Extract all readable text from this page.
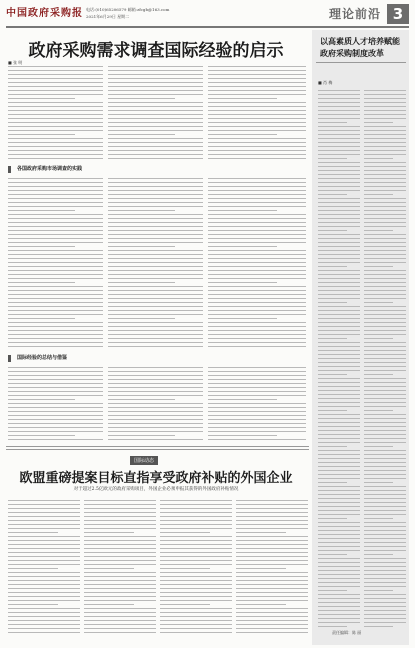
中国政府采购报 电话:(010)65206579 邮箱:zfcgb@163.com
2021年6月29日 星期二	理论前沿 3
政府采购需求调查国际经验的启示
■ 张 明
各国政府采购市场调查的实践
国际经验的总结与借鉴
国际动态
欧盟重磅提案目标直指享受政府补贴的外国企业
对于超过2.5亿欧元的政府采购项目，外国企业必须申报其获得的外国政府补贴情况
以高素质人才培养赋能
政府采购制度改革
■ 肖 梅
责任编辑：陈 丽
